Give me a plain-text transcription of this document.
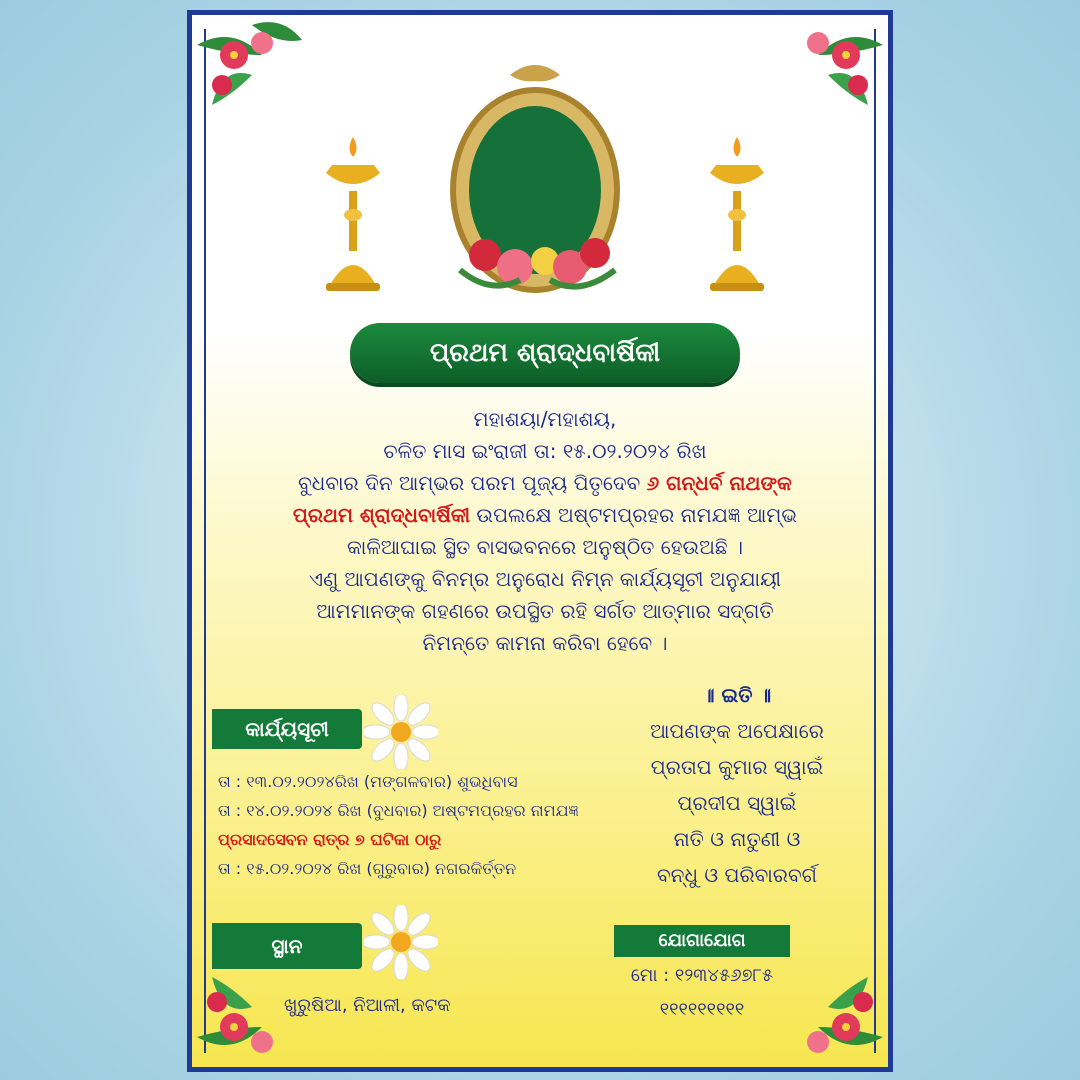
ପ୍ରଥମ ଶ୍ରାଦ୍ଧବାର୍ଷିକୀ

ମହାଶୟା/ମହାଶୟ,

ଚଳିତ ମାସ ଇଂରାଜୀ ତା: ୧୫.୦୨.୨୦୨୪ ରିଖ

ବୁଧବାର ଦିନ ଆମ୍ଭର ପରମ ପୂଜ୍ୟ ପିତୃଦେବ ୬ ଗନ୍ଧର୍ବ ନାଥଙ୍କ

ପ୍ରଥମ ଶ୍ରାଦ୍ଧବାର୍ଷିକୀ ଉପଲକ୍ଷେ ଅଷ୍ଟମପ୍ରହର ନାମଯଜ୍ଞ ଆମ୍ଭ

କାଳିଆଘାଇ ସ୍ଥିତ ବାସଭବନରେ ଅନୁଷ୍ଠିତ ହେଉଅଛି ।

ଏଣୁ ଆପଣଙ୍କୁ ବିନମ୍ର ଅନୁରୋଧ ନିମ୍ନ କାର୍ଯ୍ୟସୂଚୀ ଅନୁଯାୟୀ

ଆମମାନଙ୍କ ଗହଣରେ ଉପସ୍ଥିତ ରହି ସର୍ଗତ ଆତ୍ମାର ସଦ୍‌ଗତି

ନିମନ୍ତେ କାମନା କରିବା ହେବେ ।

କାର୍ଯ୍ୟସୂଚୀ
ତା : ୧୩.୦୨.୨୦୨୪ରିଖ (ମଙ୍ଗଳବାର) ଶୁଭଧିବାସ
ତା : ୧୪.୦୨.୨୦୨୪ ରିଖ (ବୁଧବାର) ଅଷ୍ଟମପ୍ରହର ନାମଯଜ୍ଞ
ପ୍ରସାଦସେବନ ରାତ୍ର ୭ ଘଟିକା ଠାରୁ
ତା : ୧୫.୦୨.୨୦୨୪ ରିଖ (ଗୁରୁବାର) ନଗରକିର୍ତ୍ତନ
॥ ଇତି ॥
ଆପଣଙ୍କ ଅପେକ୍ଷାରେ
ପ୍ରତାପ କୁମାର ସ୍ୱାଇଁ
ପ୍ରଦୀପ ସ୍ୱାଇଁ
ନାତି ଓ ନାତୁଣୀ ଓ
ବନ୍ଧୁ ଓ ପରିବାରବର୍ଗ
ସ୍ଥାନ
ଖୁରୁଷିଆ, ନିଆଳୀ, କଟକ
ଯୋଗାଯୋଗ
ମୋ : ୧୨୩୪୫୬୭୮୫
୧୧୧୧୧୧୧୧୧
